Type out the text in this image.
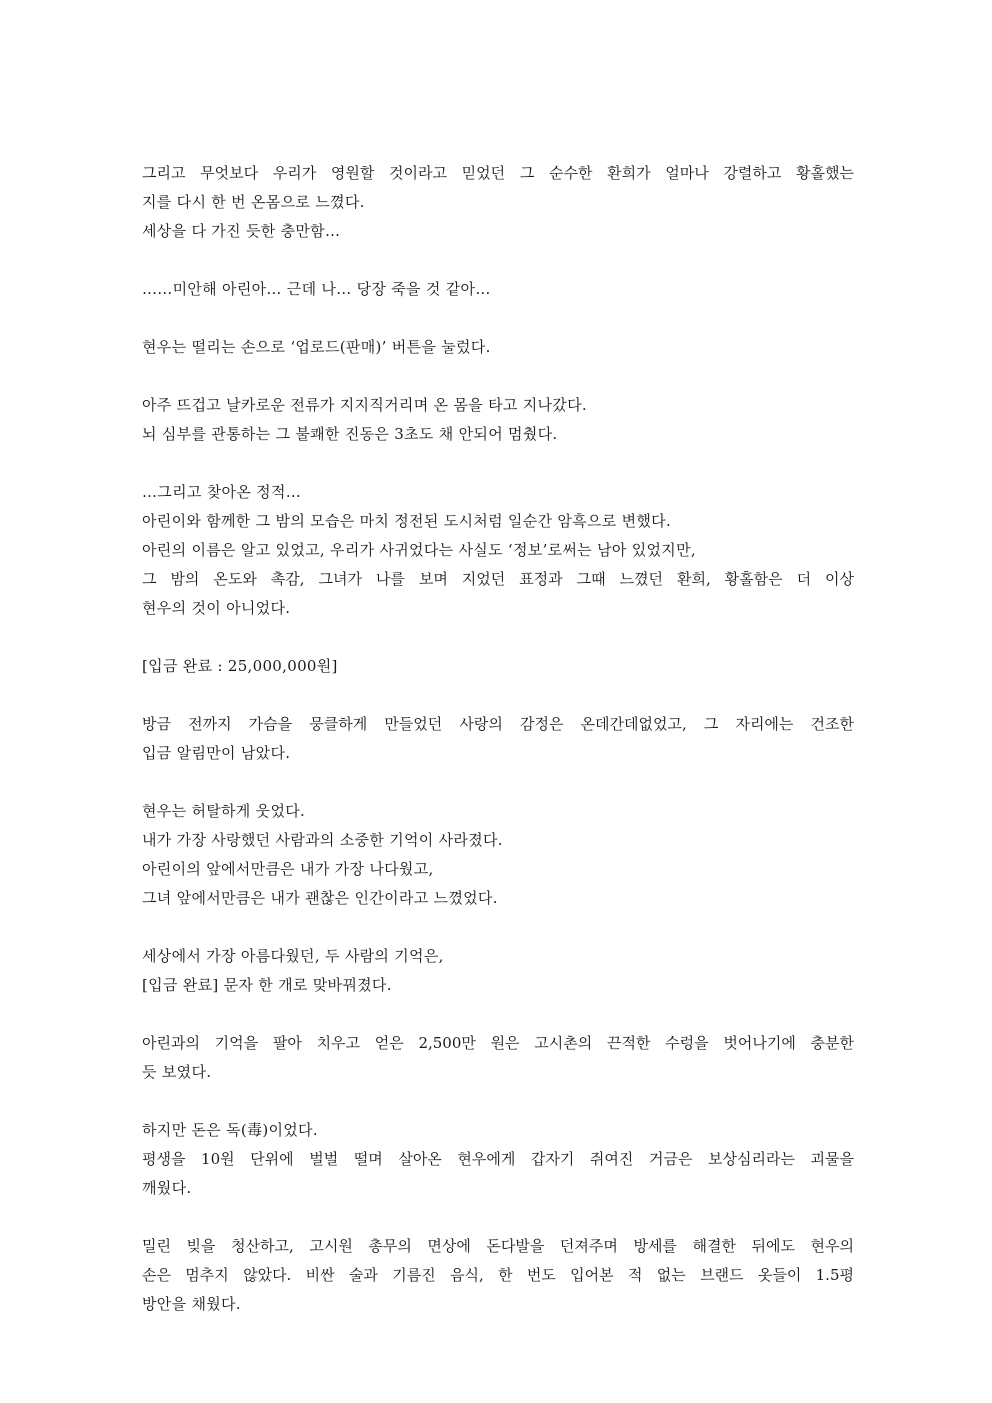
그리고 무엇보다 우리가 영원할 것이라고 믿었던 그 순수한 환희가 얼마나 강렬하고 황홀했는
지를 다시 한 번 온몸으로 느꼈다.
세상을 다 가진 듯한 충만함…
……미안해 아린아… 근데 나… 당장 죽을 것 같아…
현우는 떨리는 손으로 ‘업로드(판매)’ 버튼을 눌렀다.
아주 뜨겁고 날카로운 전류가 지지직거리며 온 몸을 타고 지나갔다.
뇌 심부를 관통하는 그 불쾌한 진동은 3초도 채 안되어 멈췄다.
…그리고 찾아온 정적…
아린이와 함께한 그 밤의 모습은 마치 정전된 도시처럼 일순간 암흑으로 변했다.
아린의 이름은 알고 있었고, 우리가 사귀었다는 사실도 ‘정보’로써는 남아 있었지만,
그 밤의 온도와 촉감, 그녀가 나를 보며 지었던 표정과 그때 느꼈던 환희, 황홀함은 더 이상
현우의 것이 아니었다.
[입금 완료 : 25,000,000원]
방금 전까지 가슴을 뭉클하게 만들었던 사랑의 감정은 온데간데없었고, 그 자리에는 건조한
입금 알림만이 남았다.
현우는 허탈하게 웃었다.
내가 가장 사랑했던 사람과의 소중한 기억이 사라졌다.
아린이의 앞에서만큼은 내가 가장 나다웠고,
그녀 앞에서만큼은 내가 괜찮은 인간이라고 느꼈었다.
세상에서 가장 아름다웠던, 두 사람의 기억은,
[입금 완료] 문자 한 개로 맞바꿔졌다.
아린과의 기억을 팔아 치우고 얻은 2,500만 원은 고시촌의 끈적한 수렁을 벗어나기에 충분한
듯 보였다.
하지만 돈은 독(毒)이었다.
평생을 10원 단위에 벌벌 떨며 살아온 현우에게 갑자기 쥐여진 거금은 보상심리라는 괴물을
깨웠다.
밀린 빚을 청산하고, 고시원 총무의 면상에 돈다발을 던져주며 방세를 해결한 뒤에도 현우의
손은 멈추지 않았다. 비싼 술과 기름진 음식, 한 번도 입어본 적 없는 브랜드 옷들이 1.5평
방안을 채웠다.
